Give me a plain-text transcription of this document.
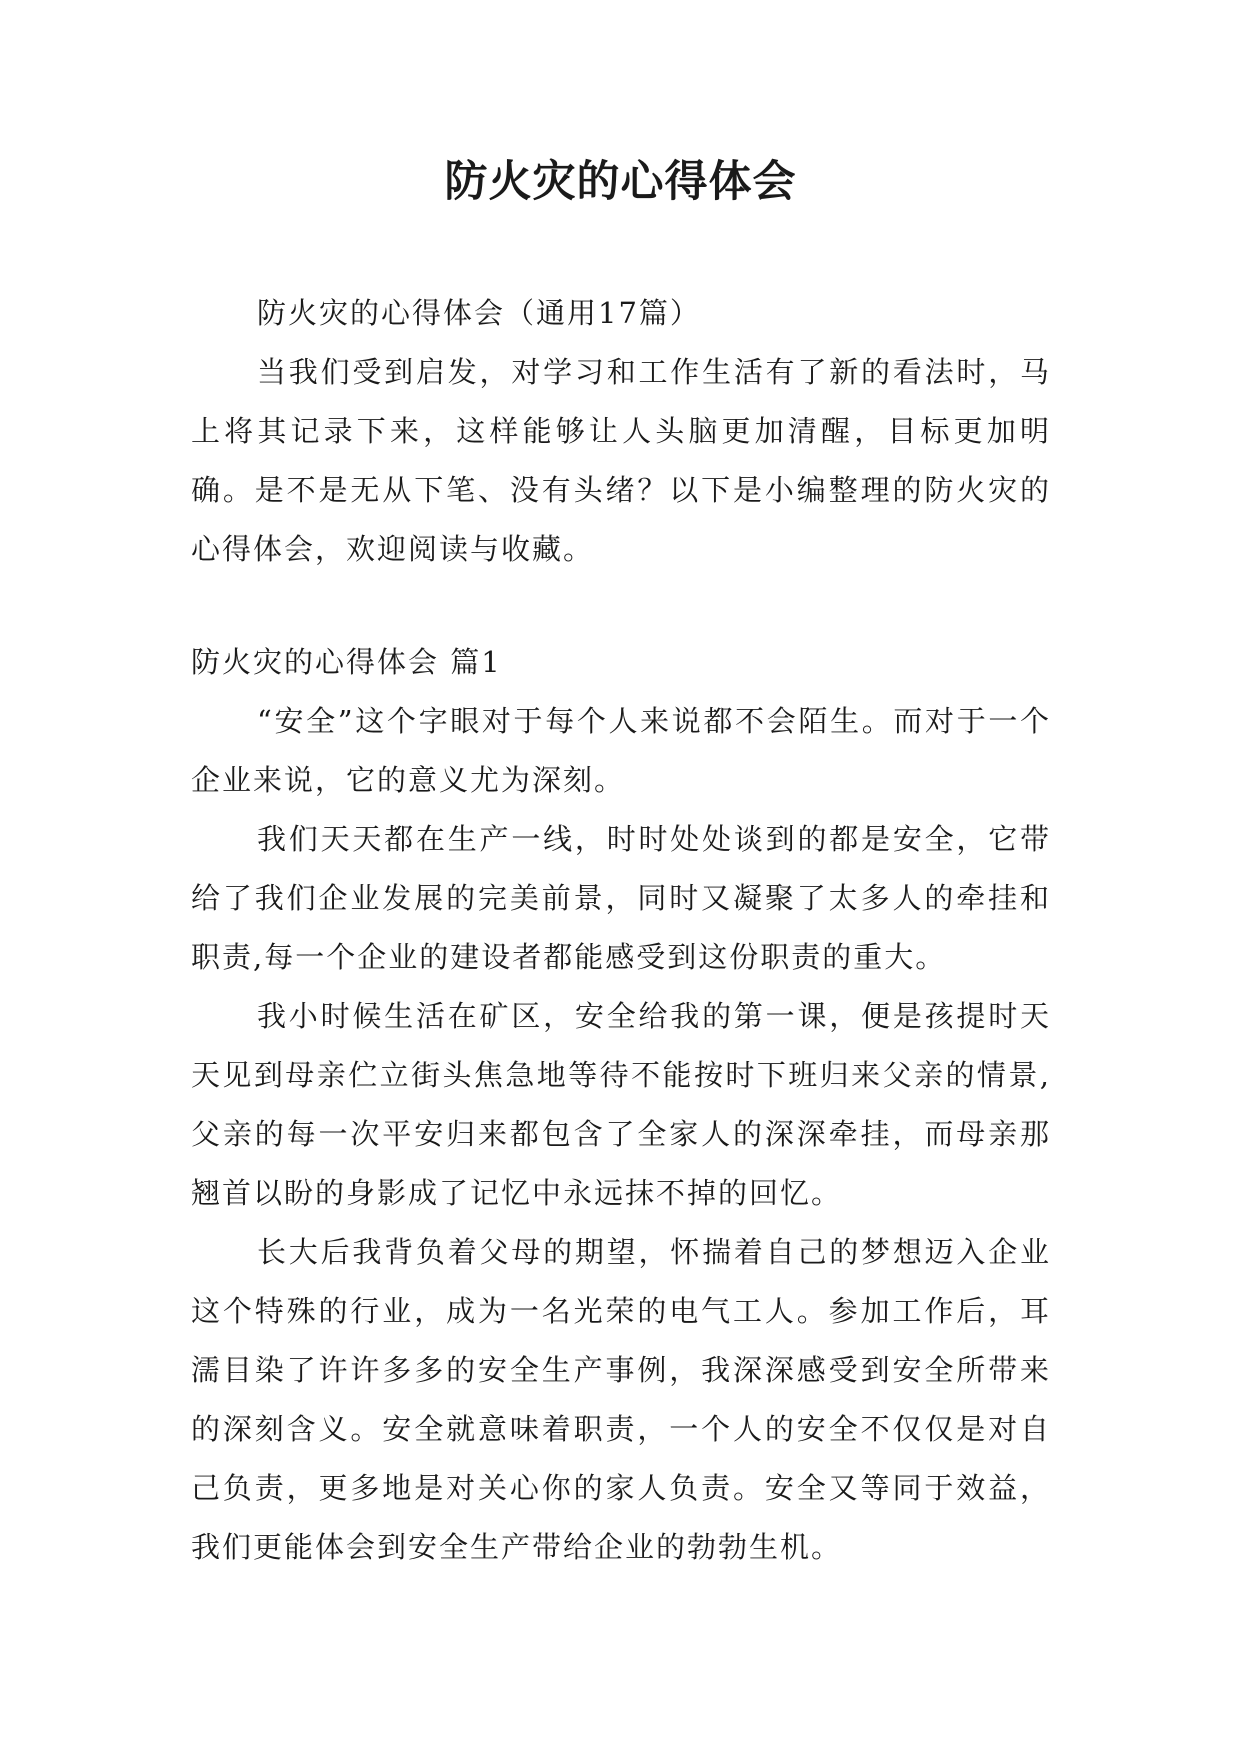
防火灾的心得体会

防火灾的心得体会（通用17篇）

当我们受到启发，对学习和工作生活有了新的看法时，马上将其记录下来，这样能够让人头脑更加清醒，目标更加明确。是不是无从下笔、没有头绪？以下是小编整理的防火灾的心得体会，欢迎阅读与收藏。

防火灾的心得体会 篇1

“安全”这个字眼对于每个人来说都不会陌生。而对于一个企业来说，它的意义尤为深刻。

我们天天都在生产一线，时时处处谈到的都是安全，它带给了我们企业发展的完美前景，同时又凝聚了太多人的牵挂和职责,每一个企业的建设者都能感受到这份职责的重大。

我小时候生活在矿区，安全给我的第一课，便是孩提时天天见到母亲伫立街头焦急地等待不能按时下班归来父亲的情景,父亲的每一次平安归来都包含了全家人的深深牵挂，而母亲那翘首以盼的身影成了记忆中永远抹不掉的回忆。

长大后我背负着父母的期望，怀揣着自己的梦想迈入企业这个特殊的行业，成为一名光荣的电气工人。参加工作后，耳濡目染了许许多多的安全生产事例，我深深感受到安全所带来的深刻含义。安全就意味着职责，一个人的安全不仅仅是对自己负责，更多地是对关心你的家人负责。安全又等同于效益，我们更能体会到安全生产带给企业的勃勃生机。
